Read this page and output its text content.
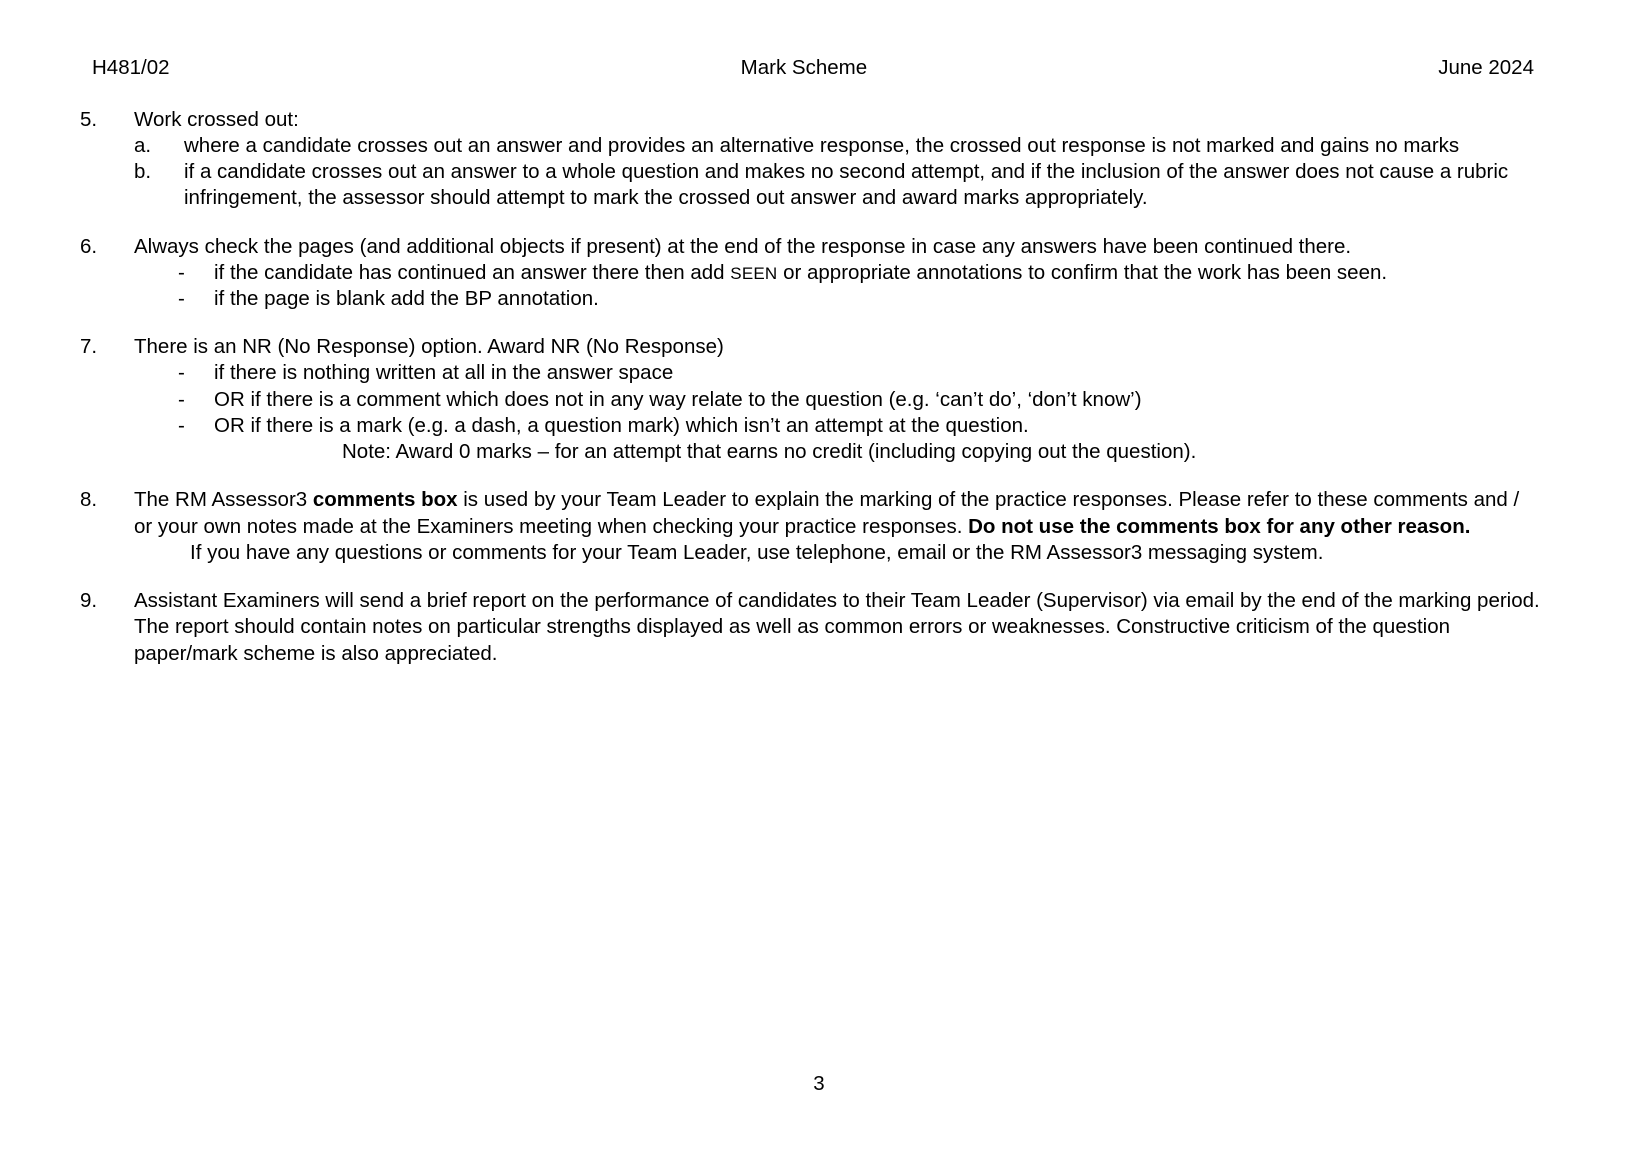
H481/02	Mark Scheme	June 2024
5.	Work crossed out:
a.	where a candidate crosses out an answer and provides an alternative response, the crossed out response is not marked and gains no marks
b.	if a candidate crosses out an answer to a whole question and makes no second attempt, and if the inclusion of the answer does not cause a rubric infringement, the assessor should attempt to mark the crossed out answer and award marks appropriately.
6.	Always check the pages (and additional objects if present) at the end of the response in case any answers have been continued there.
-	if the candidate has continued an answer there then add SEEN or appropriate annotations to confirm that the work has been seen.
-	if the page is blank add the BP annotation.
7.	There is an NR (No Response) option. Award NR (No Response)
-	if there is nothing written at all in the answer space
-	OR if there is a comment which does not in any way relate to the question (e.g. ‘can’t do’, ‘don’t know’)
-	OR if there is a mark (e.g. a dash, a question mark) which isn’t an attempt at the question.
Note: Award 0 marks – for an attempt that earns no credit (including copying out the question).
8.	The RM Assessor3 comments box is used by your Team Leader to explain the marking of the practice responses. Please refer to these comments and / or your own notes made at the Examiners meeting when checking your practice responses. Do not use the comments box for any other reason.
If you have any questions or comments for your Team Leader, use telephone, email or the RM Assessor3 messaging system.
9.	Assistant Examiners will send a brief report on the performance of candidates to their Team Leader (Supervisor) via email by the end of the marking period. The report should contain notes on particular strengths displayed as well as common errors or weaknesses. Constructive criticism of the question paper/mark scheme is also appreciated.
3
